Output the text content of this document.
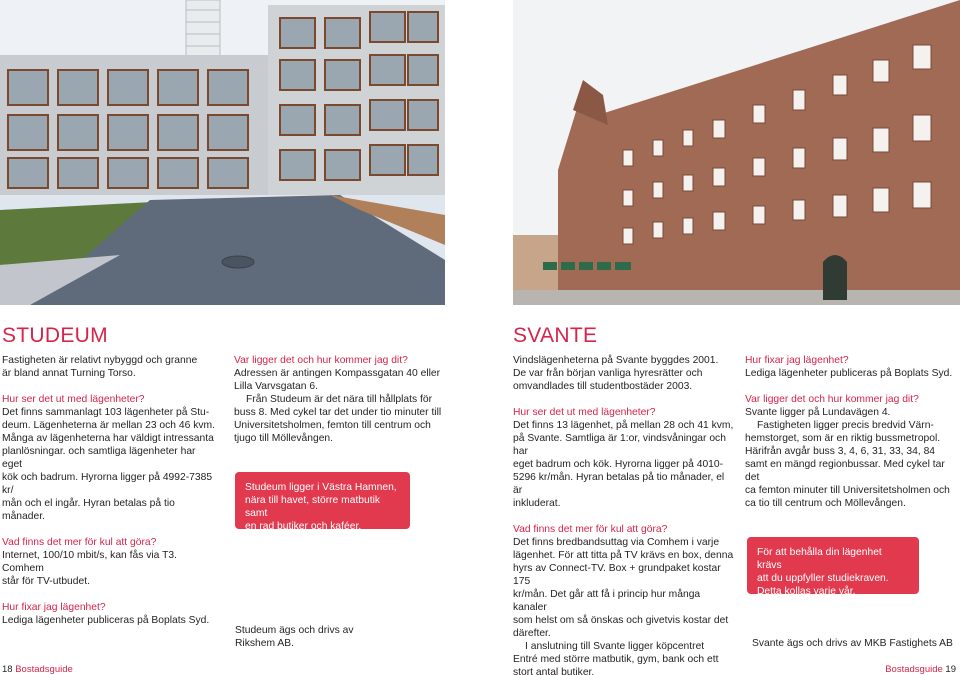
STUDEUM

Fastigheten är relativt nybyggd och granne

är bland annat Turning Torso.

Hur ser det ut med lägenheter?

Det finns sammanlagt 103 lägenheter på Stu-

deum. Lägenheterna är mellan 23 och 46 kvm.

Många av lägenheterna har väldigt intressanta

planlösningar. och samtliga lägenheter har eget

kök och badrum. Hyrorna ligger på 4992-7385 kr/

mån och el ingår. Hyran betalas på tio månader.

Vad finns det mer för kul att göra?

Internet, 100/10 mbit/s, kan fås via T3. Comhem

står för TV-utbudet.

Hur fixar jag lägenhet?

Lediga lägenheter publiceras på Boplats Syd.

Var ligger det och hur kommer jag dit?

Adressen är antingen Kompassgatan 40 eller

Lilla Varvsgatan 6.

Från Studeum är det nära till hållplats för

buss 8. Med cykel tar det under tio minuter till

Universitetsholmen, femton till centrum och

tjugo till Möllevången.

Studeum ligger i Västra Hamnen,

nära till havet, större matbutik samt

en rad butiker och kaféer.

Studeum ägs och drivs av

Rikshem AB.

18 Bostadsguide
SVANTE

Vindslägenheterna på Svante byggdes 2001.

De var från början vanliga hyresrätter och

omvandlades till studentbostäder 2003.

Hur ser det ut med lägenheter?

Det finns 13 lägenhet, på mellan 28 och 41 kvm,

på Svante. Samtliga är 1:or, vindsvåningar och har

eget badrum och kök. Hyrorna ligger på 4010-

5296 kr/mån. Hyran betalas på tio månader, el är

inkluderat.

Vad finns det mer för kul att göra?

Det finns bredbandsuttag via Comhem i varje

lägenhet. För att titta på TV krävs en box, denna

hyrs av Connect-TV. Box + grundpaket kostar 175

kr/mån. Det går att få i princip hur många kanaler

som helst om så önskas och givetvis kostar det

därefter.

I anslutning till Svante ligger köpcentret

Entré med större matbutik, gym, bank och ett

stort antal butiker.

Hur fixar jag lägenhet?

Lediga lägenheter publiceras på Boplats Syd.

Var ligger det och hur kommer jag dit?

Svante ligger på Lundavägen 4.

Fastigheten ligger precis bredvid Värn-

hemstorget, som är en riktig bussmetropol.

Härifrån avgår buss 3, 4, 6, 31, 33, 34, 84

samt en mängd regionbussar. Med cykel tar det

ca femton minuter till Universitetsholmen och

ca tio till centrum och Möllevången.

För att behålla din lägenhet krävs

att du uppfyller studiekraven.

Detta kollas varje vår.

Svante ägs och drivs av MKB Fastighets AB

Bostadsguide 19
